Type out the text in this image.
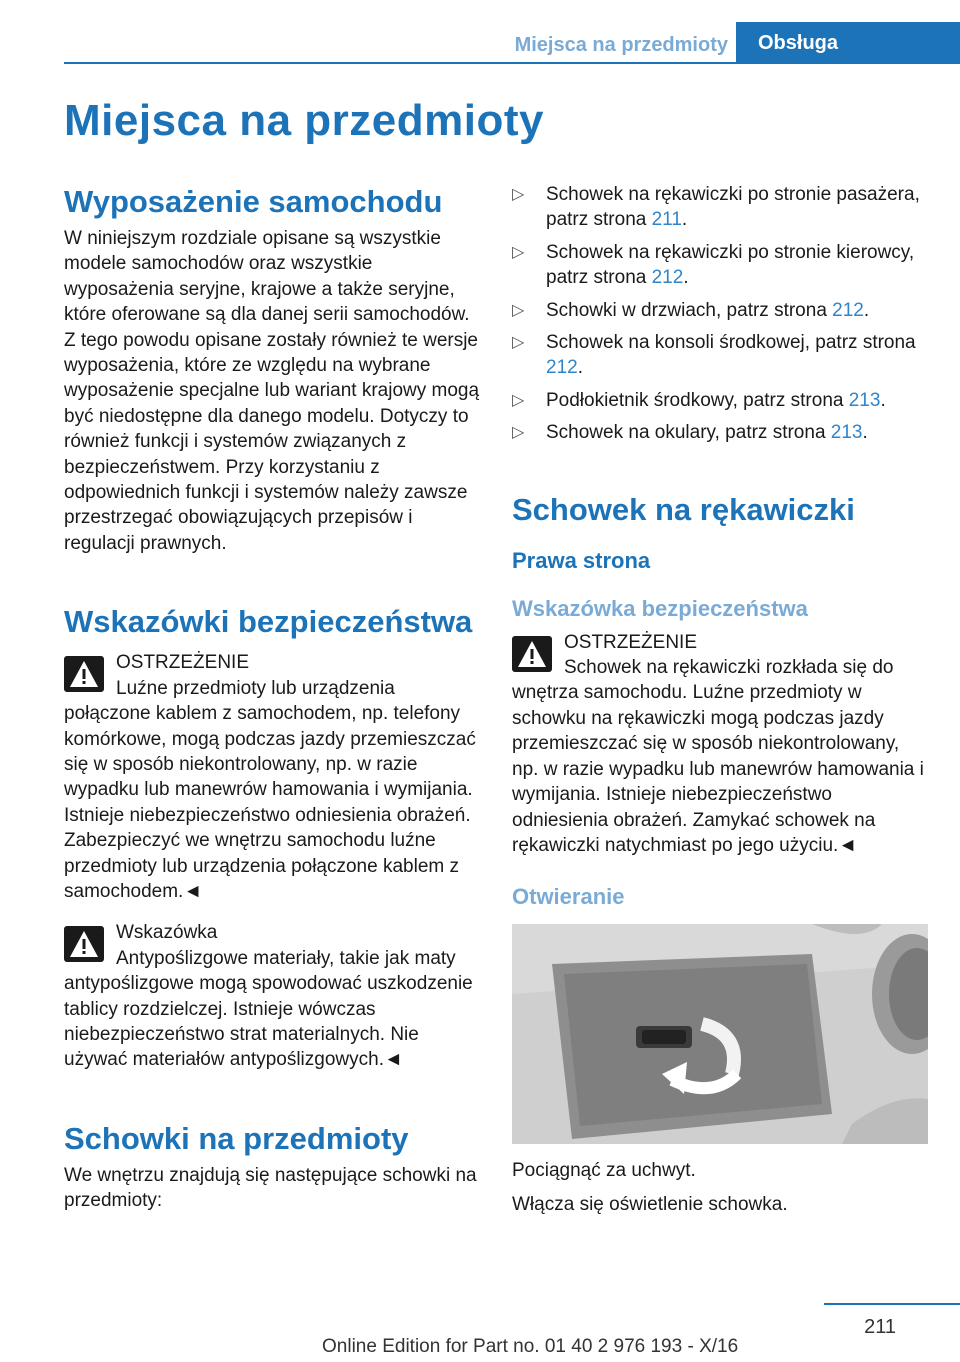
Miejsca na przedmioty	Obsługa
Miejsca na przedmioty
Wyposażenie samochodu

W niniejszym rozdziale opisane są wszystkie modele samochodów oraz wszystkie wyposażenia seryjne, krajowe a także seryjne, które oferowane są dla danej serii samochodów. Z tego powodu opisane zostały również te wersje wyposażenia, które ze względu na wybrane wyposażenie specjalne lub wariant krajowy mogą być niedostępne dla danego modelu. Dotyczy to również funkcji i systemów związanych z bezpieczeństwem. Przy korzystaniu z odpowiednich funkcji i systemów należy zawsze przestrzegać obowiązujących przepisów i regulacji prawnych.

Wskazówki bezpieczeństwa
OSTRZEŻENIE
Luźne przedmioty lub urządzenia połączone kablem z samochodem, np. telefony komórkowe, mogą podczas jazdy przemieszczać się w sposób niekontrolowany, np. w razie wypadku lub manewrów hamowania i wymijania. Istnieje niebezpieczeństwo odniesienia obrażeń. Zabezpieczyć we wnętrzu samochodu luźne przedmioty lub urządzenia połączone kablem z samochodem.◄
Wskazówka
Antypoślizgowe materiały, takie jak maty antypoślizgowe mogą spowodować uszkodzenie tablicy rozdzielczej. Istnieje wówczas niebezpieczeństwo strat materialnych. Nie używać materiałów antypoślizgowych.◄
Schowki na przedmioty

We wnętrzu znajdują się następujące schowki na przedmioty:

▷ Schowek na rękawiczki po stronie pasażera, patrz strona 211.
▷ Schowek na rękawiczki po stronie kierowcy, patrz strona 212.
▷ Schowki w drzwiach, patrz strona 212.
▷ Schowek na konsoli środkowej, patrz strona 212.
▷ Podłokietnik środkowy, patrz strona 213.
▷ Schowek na okulary, patrz strona 213.
Schowek na rękawiczki
Prawa strona
Wskazówka bezpieczeństwa
OSTRZEŻENIE
Schowek na rękawiczki rozkłada się do wnętrza samochodu. Luźne przedmioty w schowku na rękawiczki mogą podczas jazdy przemieszczać się w sposób niekontrolowany, np. w razie wypadku lub manewrów hamowania i wymijania. Istnieje niebezpieczeństwo odniesienia obrażeń. Zamykać schowek na rękawiczki natychmiast po jego użyciu.◄
Otwieranie

Pociągnąć za uchwyt.

Włącza się oświetlenie schowka.

211
Online Edition for Part no. 01 40 2 976 193 - X/16
